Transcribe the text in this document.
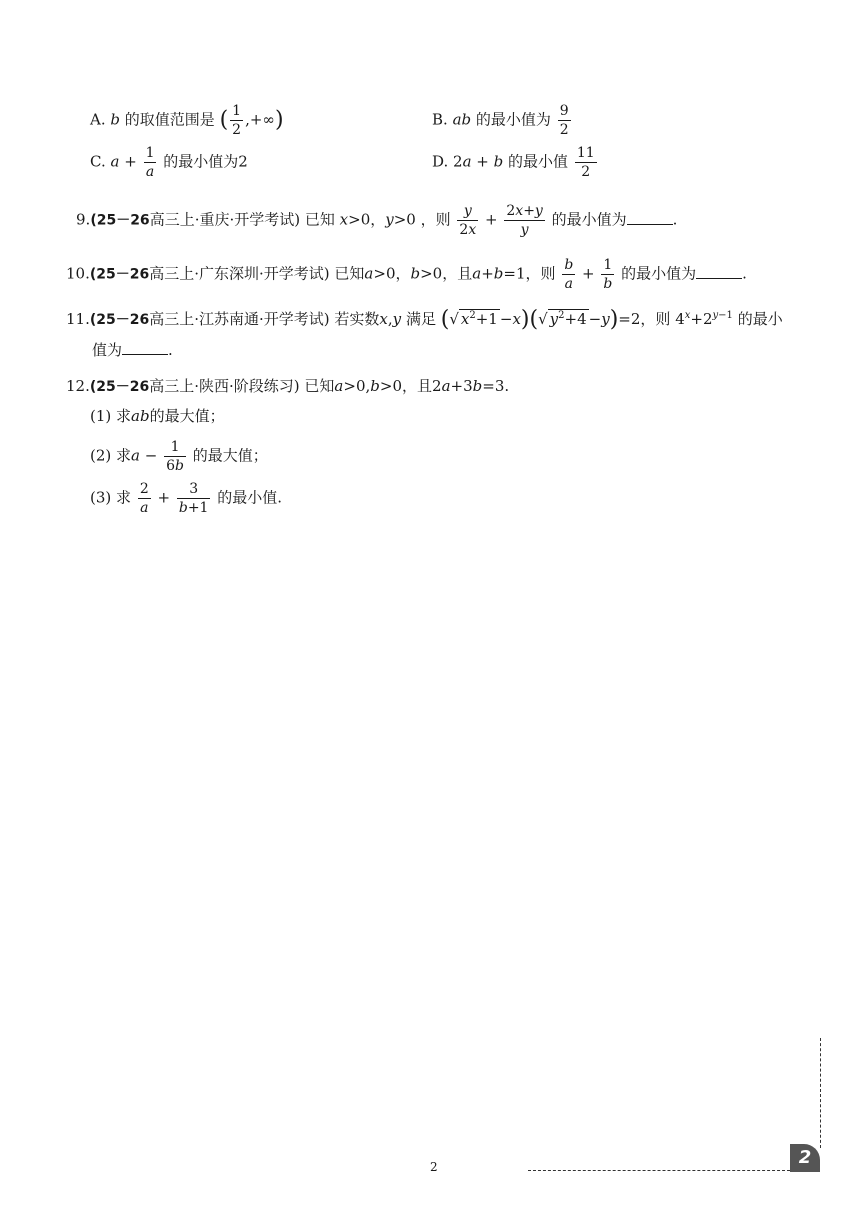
A. b 的取值范围是 ( $\frac{1}{2}$ ,+∞)	B. ab 的最小值为 $\frac{9}{2}$
C. $a + \frac{1}{a}$ 的最小值为2	D. 2a + b 的最小值 $\frac{11}{2}$
9.(25－26高三上·重庆·开学考试) 已知 x>0，y>0 ，则 $\frac{y}{2x} + \frac{2x+y}{y}$ 的最小值为	.
10.(25－26高三上·广东深圳·开学考试) 已知a>0，b>0，且a+b=1，则 $\frac{b}{a} + \frac{1}{b}$ 的最小值为	.
11.(25－26高三上·江苏南通·开学考试) 若实数x,y 满足 (√ $x^2+1 -x)(√$ $y^2+4 -y)=2$，则 $4^x+2^{y-1}$ 的最小
值为	.
12.(25－26高三上·陕西·阶段练习) 已知a>0,b>0，且2a+3b=3.
(1) 求ab的最大值；
(2) 求$a - \frac{1}{6b}$ 的最大值；
(3) 求 $\frac{2}{a} + \frac{3}{b+1}$ 的最小值.
2	2
